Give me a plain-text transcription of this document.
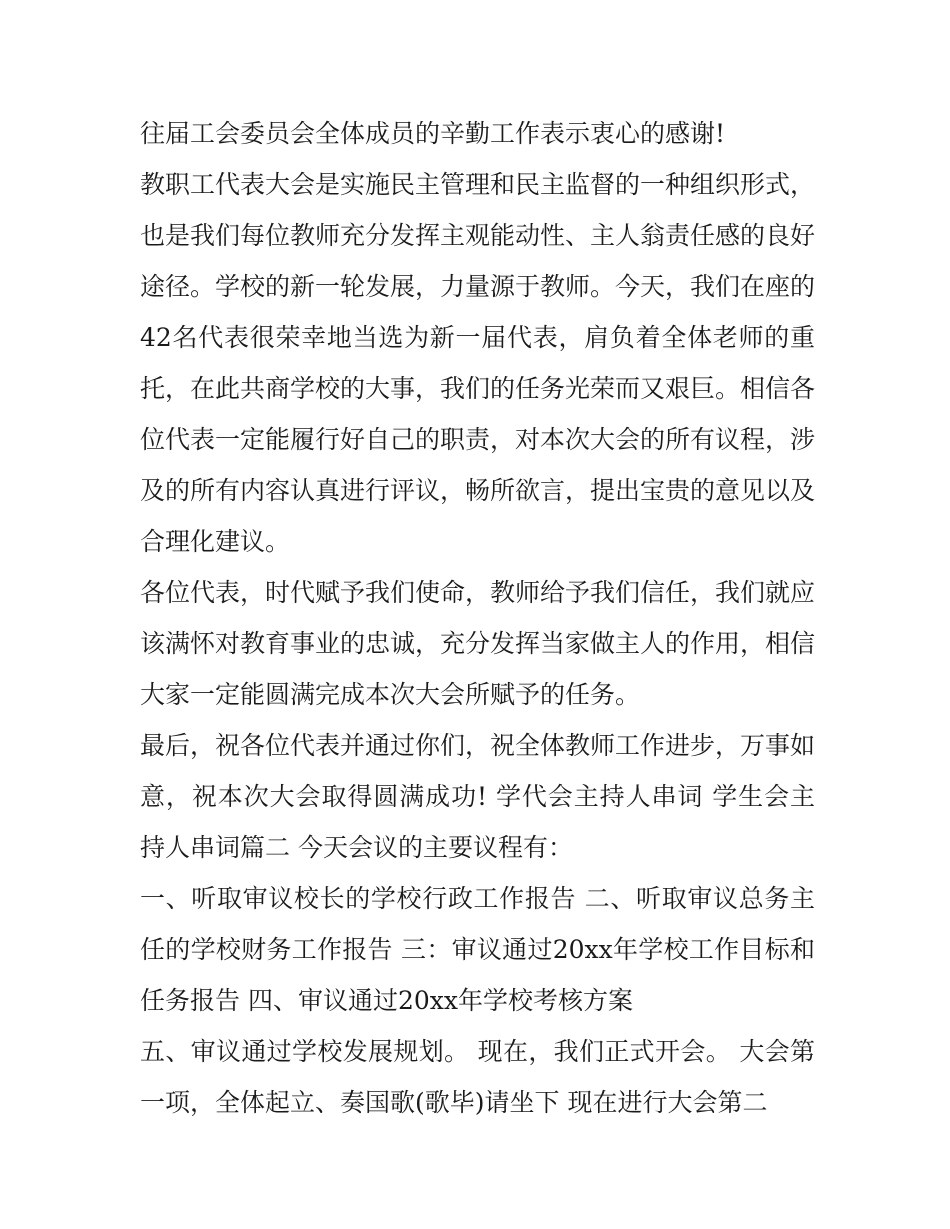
往届工会委员会全体成员的辛勤工作表示衷心的感谢!

教职工代表大会是实施民主管理和民主监督的一种组织形式，也是我们每位教师充分发挥主观能动性、主人翁责任感的良好途径。学校的新一轮发展，力量源于教师。今天，我们在座的42名代表很荣幸地当选为新一届代表，肩负着全体老师的重托，在此共商学校的大事，我们的任务光荣而又艰巨。相信各位代表一定能履行好自己的职责，对本次大会的所有议程，涉及的所有内容认真进行评议，畅所欲言，提出宝贵的意见以及合理化建议。

各位代表，时代赋予我们使命，教师给予我们信任，我们就应该满怀对教育事业的忠诚，充分发挥当家做主人的作用，相信大家一定能圆满完成本次大会所赋予的任务。

最后，祝各位代表并通过你们，祝全体教师工作进步，万事如意，祝本次大会取得圆满成功! 学代会主持人串词 学生会主持人串词篇二 今天会议的主要议程有：

一、听取审议校长的学校行政工作报告 二、听取审议总务主任的学校财务工作报告 三：审议通过20xx年学校工作目标和任务报告 四、审议通过20xx年学校考核方案

五、审议通过学校发展规划。 现在，我们正式开会。 大会第一项，全体起立、奏国歌(歌毕)请坐下 现在进行大会第二
